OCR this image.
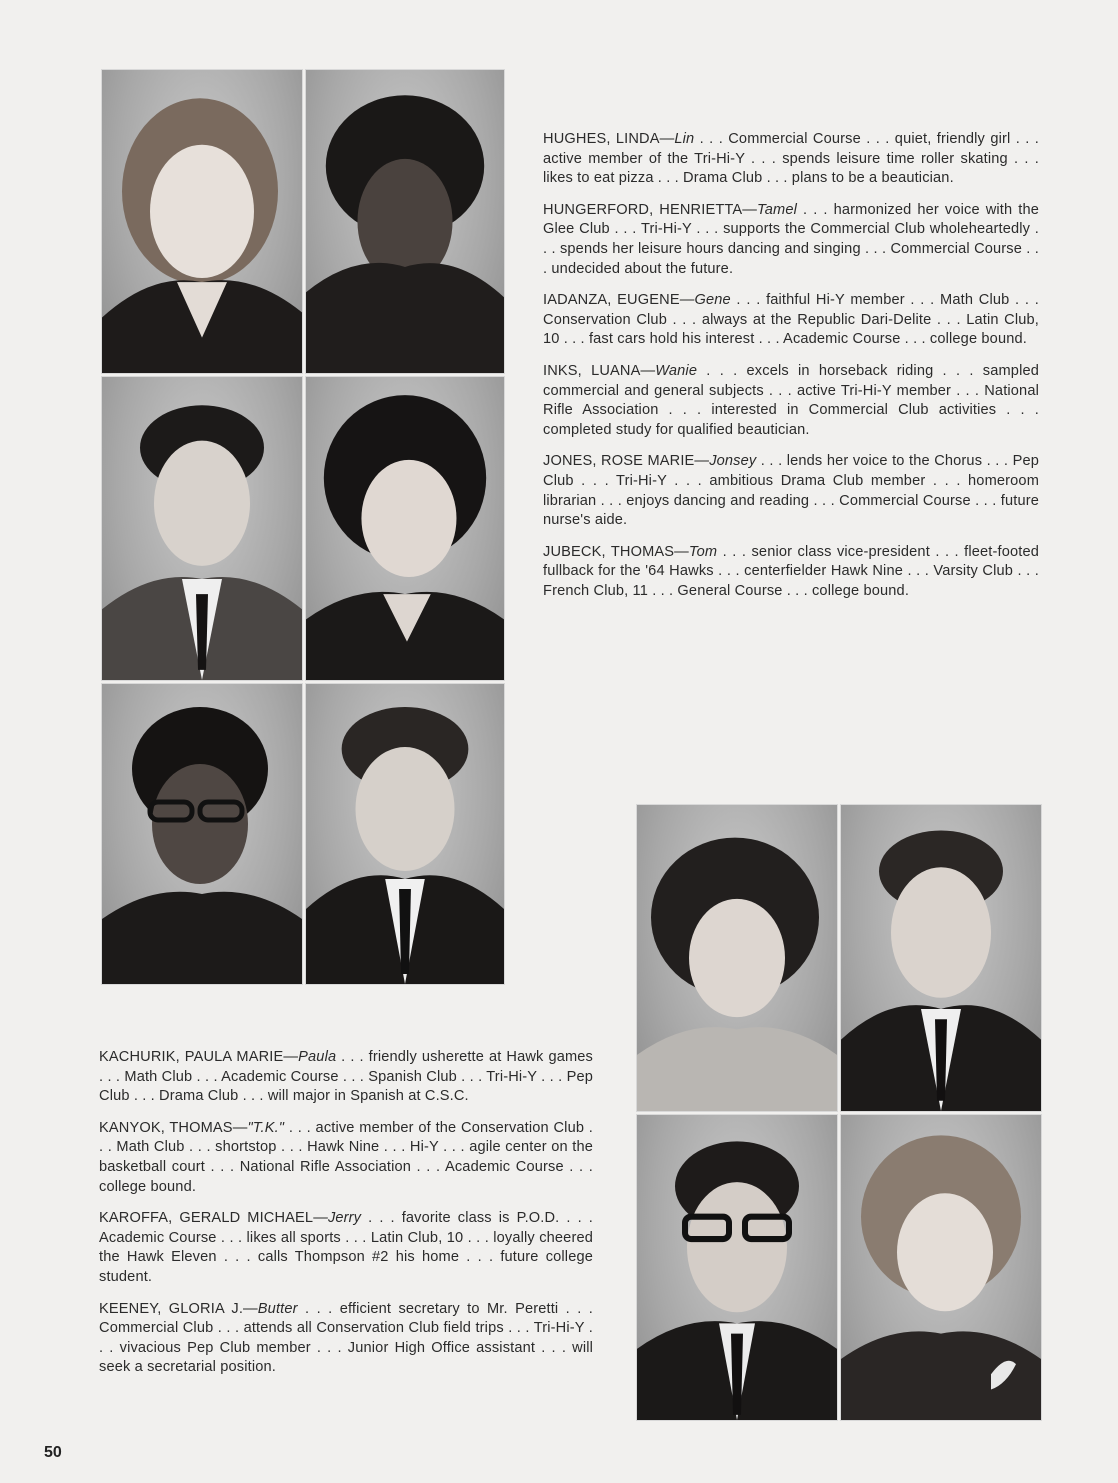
HUGHES, LINDA—Lin . . . Commercial Course . . . quiet, friendly girl . . . active member of the Tri-Hi-Y . . . spends leisure time roller skating . . . likes to eat pizza . . . Drama Club . . . plans to be a beautician.

HUNGERFORD, HENRIETTA—Tamel . . . harmonized her voice with the Glee Club . . . Tri-Hi-Y . . . supports the Commercial Club wholeheartedly . . . spends her leisure hours dancing and singing . . . Commercial Course . . . undecided about the future.

IADANZA, EUGENE—Gene . . . faithful Hi-Y member . . . Math Club . . . Conservation Club . . . always at the Republic Dari-Delite . . . Latin Club, 10 . . . fast cars hold his interest . . . Academic Course . . . college bound.

INKS, LUANA—Wanie . . . excels in horseback riding . . . sampled commercial and general subjects . . . active Tri-Hi-Y member . . . National Rifle Association . . . interested in Commercial Club activities . . . completed study for qualified beautician.

JONES, ROSE MARIE—Jonsey . . . lends her voice to the Chorus . . . Pep Club . . . Tri-Hi-Y . . . ambitious Drama Club member . . . homeroom librarian . . . enjoys dancing and reading . . . Commercial Course . . . future nurse's aide.

JUBECK, THOMAS—Tom . . . senior class vice-president . . . fleet-footed fullback for the '64 Hawks . . . centerfielder Hawk Nine . . . Varsity Club . . . French Club, 11 . . . General Course . . . college bound.

KACHURIK, PAULA MARIE—Paula . . . friendly usherette at Hawk games . . . Math Club . . . Academic Course . . . Spanish Club . . . Tri-Hi-Y . . . Pep Club . . . Drama Club . . . will major in Spanish at C.S.C.

KANYOK, THOMAS—"T.K." . . . active member of the Conservation Club . . . Math Club . . . shortstop . . . Hawk Nine . . . Hi-Y . . . agile center on the basketball court . . . National Rifle Association . . . Academic Course . . . college bound.

KAROFFA, GERALD MICHAEL—Jerry . . . favorite class is P.O.D. . . . Academic Course . . . likes all sports . . . Latin Club, 10 . . . loyally cheered the Hawk Eleven . . . calls Thompson #2 his home . . . future college student.

KEENEY, GLORIA J.—Butter . . . efficient secretary to Mr. Peretti . . . Commercial Club . . . attends all Conservation Club field trips . . . Tri-Hi-Y . . . vivacious Pep Club member . . . Junior High Office assistant . . . will seek a secretarial position.

50
